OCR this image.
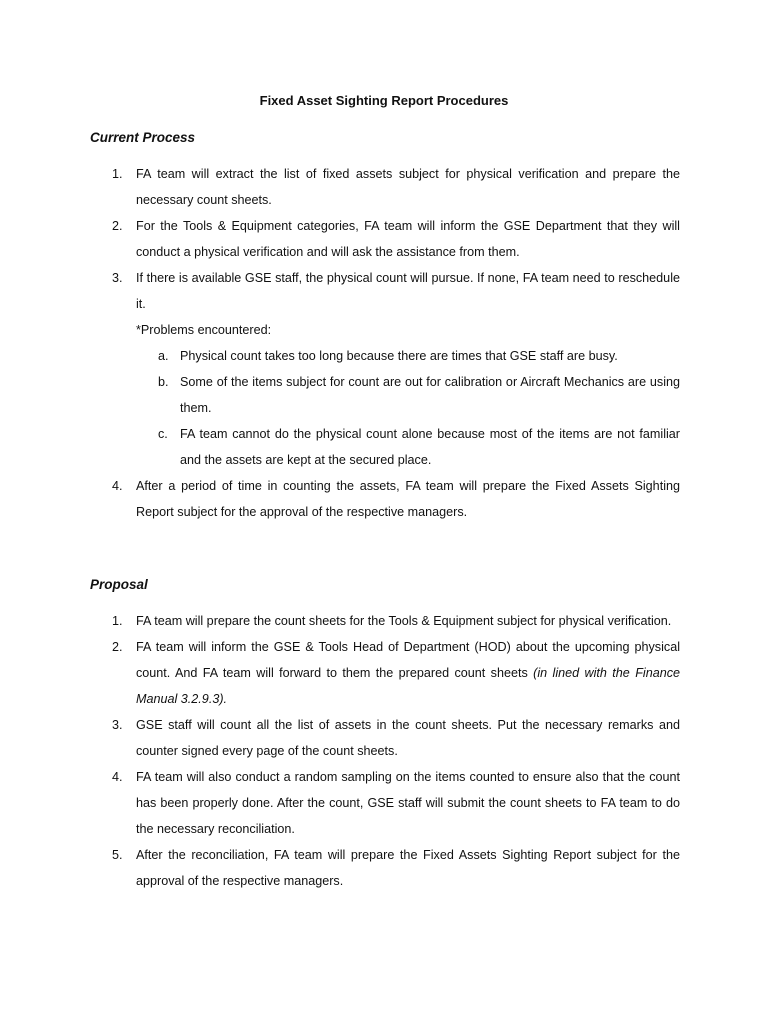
Fixed Asset Sighting Report Procedures
Current Process
1. FA team will extract the list of fixed assets subject for physical verification and prepare the necessary count sheets.
2. For the Tools & Equipment categories, FA team will inform the GSE Department that they will conduct a physical verification and will ask the assistance from them.
3. If there is available GSE staff, the physical count will pursue. If none, FA team need to reschedule it.
*Problems encountered:
a. Physical count takes too long because there are times that GSE staff are busy.
b. Some of the items subject for count are out for calibration or Aircraft Mechanics are using them.
c. FA team cannot do the physical count alone because most of the items are not familiar and the assets are kept at the secured place.
4. After a period of time in counting the assets, FA team will prepare the Fixed Assets Sighting Report subject for the approval of the respective managers.
Proposal
1. FA team will prepare the count sheets for the Tools & Equipment subject for physical verification.
2. FA team will inform the GSE & Tools Head of Department (HOD) about the upcoming physical count. And FA team will forward to them the prepared count sheets (in lined with the Finance Manual 3.2.9.3).
3. GSE staff will count all the list of assets in the count sheets. Put the necessary remarks and counter signed every page of the count sheets.
4. FA team will also conduct a random sampling on the items counted to ensure also that the count has been properly done. After the count, GSE staff will submit the count sheets to FA team to do the necessary reconciliation.
5. After the reconciliation, FA team will prepare the Fixed Assets Sighting Report subject for the approval of the respective managers.
